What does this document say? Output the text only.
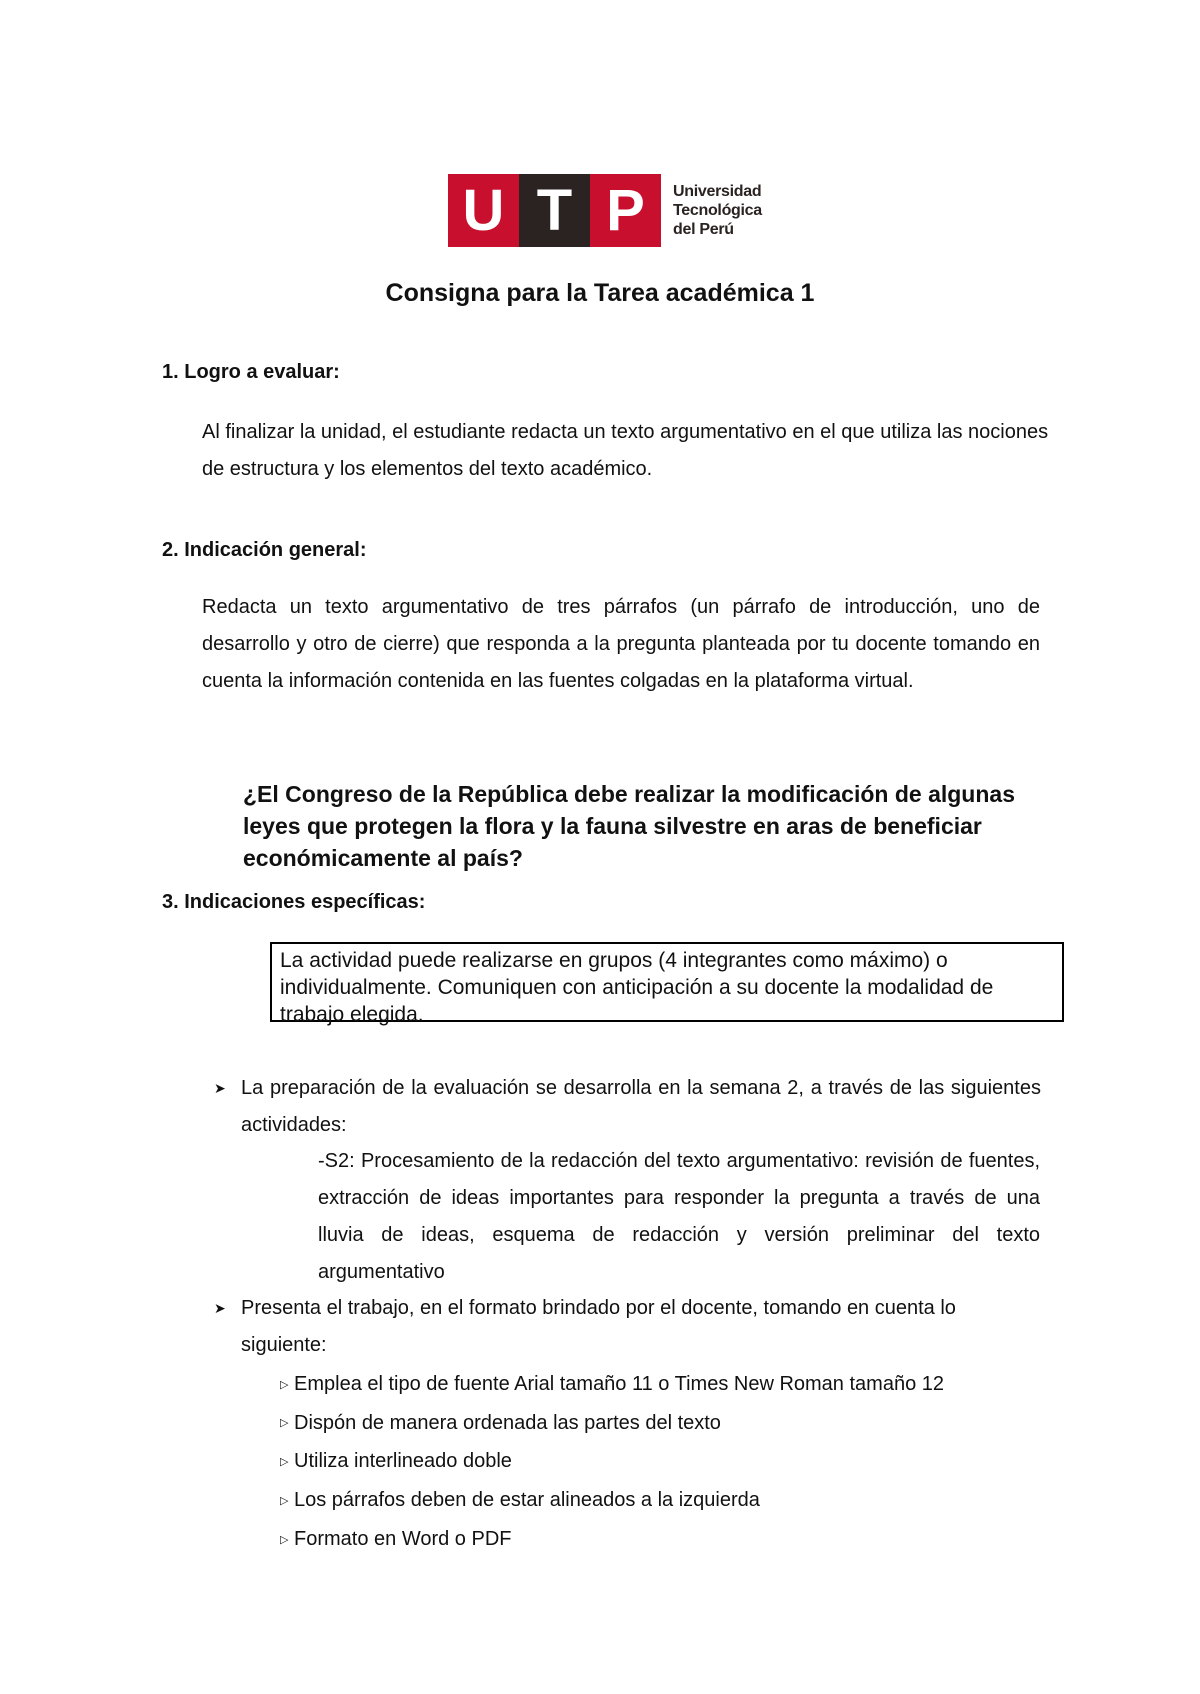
U T P	Universidad
Tecnológica
del Perú
Consigna para la Tarea académica 1
1. Logro a evaluar:

Al finalizar la unidad, el estudiante redacta un texto argumentativo en el que utiliza las nociones de estructura y los elementos del texto académico.

2. Indicación general:

Redacta un texto argumentativo de tres párrafos (un párrafo de introducción, uno de desarrollo y otro de cierre) que responda a la pregunta planteada por tu docente tomando en cuenta la información contenida en las fuentes colgadas en la plataforma virtual.

¿El Congreso de la República debe realizar la modificación de algunas leyes que protegen la flora y la fauna silvestre en aras de beneficiar económicamente al país?

3. Indicaciones específicas:
La actividad puede realizarse en grupos (4 integrantes como máximo) o individualmente. Comuniquen con anticipación a su docente la modalidad de trabajo elegida.
➤ La preparación de la evaluación se desarrolla en la semana 2, a través de las siguientes actividades:

-S2: Procesamiento de la redacción del texto argumentativo: revisión de fuentes, extracción de ideas importantes para responder la pregunta a través de una lluvia de ideas, esquema de redacción y versión preliminar del texto argumentativo

➤ Presenta el trabajo, en el formato brindado por el docente, tomando en cuenta lo siguiente:

▷ Emplea el tipo de fuente Arial tamaño 11 o Times New Roman tamaño 12
▷ Dispón de manera ordenada las partes del texto
▷ Utiliza interlineado doble
▷ Los párrafos deben de estar alineados a la izquierda
▷ Formato en Word o PDF
